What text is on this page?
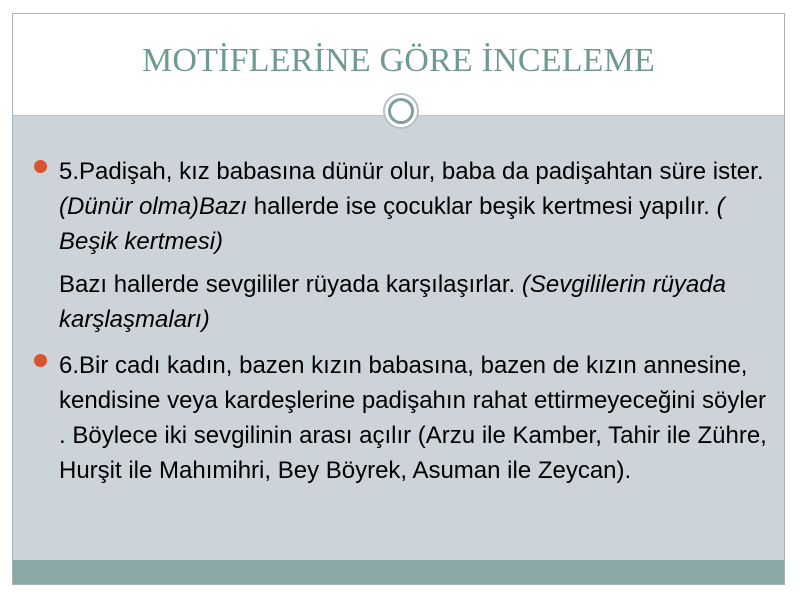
MOTİFLERİNE GÖRE İNCELEME

5.Padişah, kız babasına dünür olur, baba da padişahtan süre ister. (Dünür olma)Bazı hallerde ise çocuklar beşik kertmesi yapılır. ( Beşik kertmesi)

Bazı hallerde sevgililer rüyada karşılaşırlar. (Sevgililerin rüyada karşlaşmaları)

6.Bir cadı kadın, bazen kızın babasına, bazen de kızın annesine, kendisine veya kardeşlerine padişahın rahat ettirmeyeceğini söyler . Böylece iki sevgilinin arası açılır (Arzu ile Kamber, Tahir ile Zühre, Hurşit ile Mahımihri, Bey Böyrek, Asuman ile Zeycan).
